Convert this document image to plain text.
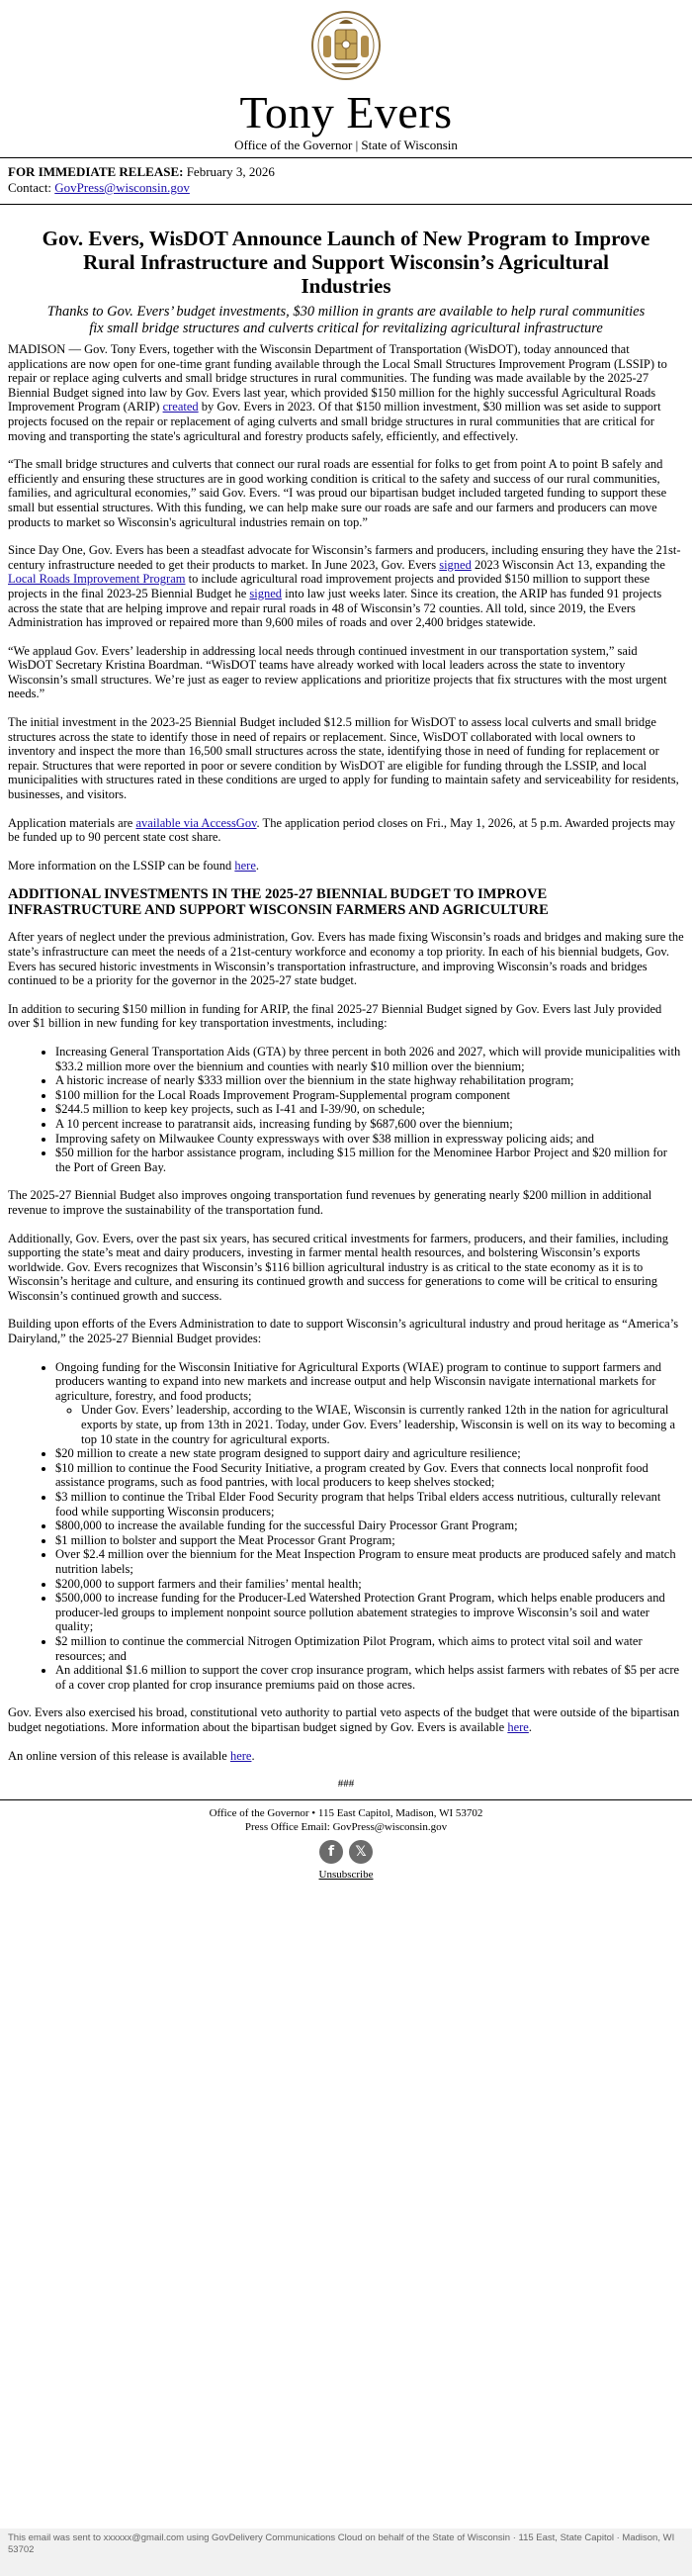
Tony Evers
Office of the Governor | State of Wisconsin
FOR IMMEDIATE RELEASE: February 3, 2026
Contact: GovPress@wisconsin.gov
Gov. Evers, WisDOT Announce Launch of New Program to Improve Rural Infrastructure and Support Wisconsin’s Agricultural Industries
Thanks to Gov. Evers’ budget investments, $30 million in grants are available to help rural communities fix small bridge structures and culverts critical for revitalizing agricultural infrastructure

MADISON — Gov. Tony Evers, together with the Wisconsin Department of Transportation (WisDOT), today announced that applications are now open for one-time grant funding available through the Local Small Structures Improvement Program (LSSIP) to repair or replace aging culverts and small bridge structures in rural communities. The funding was made available by the 2025-27 Biennial Budget signed into law by Gov. Evers last year, which provided $150 million for the highly successful Agricultural Roads Improvement Program (ARIP) created by Gov. Evers in 2023. Of that $150 million investment, $30 million was set aside to support projects focused on the repair or replacement of aging culverts and small bridge structures in rural communities that are critical for moving and transporting the state's agricultural and forestry products safely, efficiently, and effectively.

“The small bridge structures and culverts that connect our rural roads are essential for folks to get from point A to point B safely and efficiently and ensuring these structures are in good working condition is critical to the safety and success of our rural communities, families, and agricultural economies,” said Gov. Evers. “I was proud our bipartisan budget included targeted funding to support these small but essential structures. With this funding, we can help make sure our roads are safe and our farmers and producers can move products to market so Wisconsin's agricultural industries remain on top.”

Since Day One, Gov. Evers has been a steadfast advocate for Wisconsin’s farmers and producers, including ensuring they have the 21st-century infrastructure needed to get their products to market. In June 2023, Gov. Evers signed 2023 Wisconsin Act 13, expanding the Local Roads Improvement Program to include agricultural road improvement projects and provided $150 million to support these projects in the final 2023-25 Biennial Budget he signed into law just weeks later. Since its creation, the ARIP has funded 91 projects across the state that are helping improve and repair rural roads in 48 of Wisconsin’s 72 counties. All told, since 2019, the Evers Administration has improved or repaired more than 9,600 miles of roads and over 2,400 bridges statewide.

“We applaud Gov. Evers’ leadership in addressing local needs through continued investment in our transportation system,” said WisDOT Secretary Kristina Boardman. “WisDOT teams have already worked with local leaders across the state to inventory Wisconsin’s small structures. We’re just as eager to review applications and prioritize projects that fix structures with the most urgent needs.”

The initial investment in the 2023-25 Biennial Budget included $12.5 million for WisDOT to assess local culverts and small bridge structures across the state to identify those in need of repairs or replacement. Since, WisDOT collaborated with local owners to inventory and inspect the more than 16,500 small structures across the state, identifying those in need of funding for replacement or repair. Structures that were reported in poor or severe condition by WisDOT are eligible for funding through the LSSIP, and local municipalities with structures rated in these conditions are urged to apply for funding to maintain safety and serviceability for residents, businesses, and visitors.

Application materials are available via AccessGov. The application period closes on Fri., May 1, 2026, at 5 p.m. Awarded projects may be funded up to 90 percent state cost share.

More information on the LSSIP can be found here.

ADDITIONAL INVESTMENTS IN THE 2025-27 BIENNIAL BUDGET TO IMPROVE INFRASTRUCTURE AND SUPPORT WISCONSIN FARMERS AND AGRICULTURE

After years of neglect under the previous administration, Gov. Evers has made fixing Wisconsin’s roads and bridges and making sure the state’s infrastructure can meet the needs of a 21st-century workforce and economy a top priority. In each of his biennial budgets, Gov. Evers has secured historic investments in Wisconsin’s transportation infrastructure, and improving Wisconsin’s roads and bridges continued to be a priority for the governor in the 2025-27 state budget.

In addition to securing $150 million in funding for ARIP, the final 2025-27 Biennial Budget signed by Gov. Evers last July provided over $1 billion in new funding for key transportation investments, including:

• Increasing General Transportation Aids (GTA) by three percent in both 2026 and 2027, which will provide municipalities with $33.2 million more over the biennium and counties with nearly $10 million over the biennium;
• A historic increase of nearly $333 million over the biennium in the state highway rehabilitation program;
• $100 million for the Local Roads Improvement Program-Supplemental program component
• $244.5 million to keep key projects, such as I-41 and I-39/90, on schedule;
• A 10 percent increase to paratransit aids, increasing funding by $687,600 over the biennium;
• Improving safety on Milwaukee County expressways with over $38 million in expressway policing aids; and
• $50 million for the harbor assistance program, including $15 million for the Menominee Harbor Project and $20 million for the Port of Green Bay.

The 2025-27 Biennial Budget also improves ongoing transportation fund revenues by generating nearly $200 million in additional revenue to improve the sustainability of the transportation fund.

Additionally, Gov. Evers, over the past six years, has secured critical investments for farmers, producers, and their families, including supporting the state’s meat and dairy producers, investing in farmer mental health resources, and bolstering Wisconsin’s exports worldwide. Gov. Evers recognizes that Wisconsin’s $116 billion agricultural industry is as critical to the state economy as it is to Wisconsin’s heritage and culture, and ensuring its continued growth and success for generations to come will be critical to ensuring Wisconsin’s continued growth and success.

Building upon efforts of the Evers Administration to date to support Wisconsin’s agricultural industry and proud heritage as “America’s Dairyland,” the 2025-27 Biennial Budget provides:

• Ongoing funding for the Wisconsin Initiative for Agricultural Exports (WIAE) program to continue to support farmers and producers wanting to expand into new markets and increase output and help Wisconsin navigate international markets for agriculture, forestry, and food products;
◦ Under Gov. Evers’ leadership, according to the WIAE, Wisconsin is currently ranked 12th in the nation for agricultural exports by state, up from 13th in 2021. Today, under Gov. Evers’ leadership, Wisconsin is well on its way to becoming a top 10 state in the country for agricultural exports.
• $20 million to create a new state program designed to support dairy and agriculture resilience;
• $10 million to continue the Food Security Initiative, a program created by Gov. Evers that connects local nonprofit food assistance programs, such as food pantries, with local producers to keep shelves stocked;
• $3 million to continue the Tribal Elder Food Security program that helps Tribal elders access nutritious, culturally relevant food while supporting Wisconsin producers;
• $800,000 to increase the available funding for the successful Dairy Processor Grant Program;
• $1 million to bolster and support the Meat Processor Grant Program;
• Over $2.4 million over the biennium for the Meat Inspection Program to ensure meat products are produced safely and match nutrition labels;
• $200,000 to support farmers and their families’ mental health;
• $500,000 to increase funding for the Producer-Led Watershed Protection Grant Program, which helps enable producers and producer-led groups to implement nonpoint source pollution abatement strategies to improve Wisconsin’s soil and water quality;
• $2 million to continue the commercial Nitrogen Optimization Pilot Program, which aims to protect vital soil and water resources; and
• An additional $1.6 million to support the cover crop insurance program, which helps assist farmers with rebates of $5 per acre of a cover crop planted for crop insurance premiums paid on those acres.

Gov. Evers also exercised his broad, constitutional veto authority to partial veto aspects of the budget that were outside of the bipartisan budget negotiations. More information about the bipartisan budget signed by Gov. Evers is available here.

An online version of this release is available here.

###
Office of the Governor • 115 East Capitol, Madison, WI 53702
Press Office Email: GovPress@wisconsin.gov
f	𝕏
Unsubscribe
This email was sent to xxxxxx@gmail.com using GovDelivery Communications Cloud on behalf of the State of Wisconsin · 115 East, State Capitol · Madison, WI 53702
